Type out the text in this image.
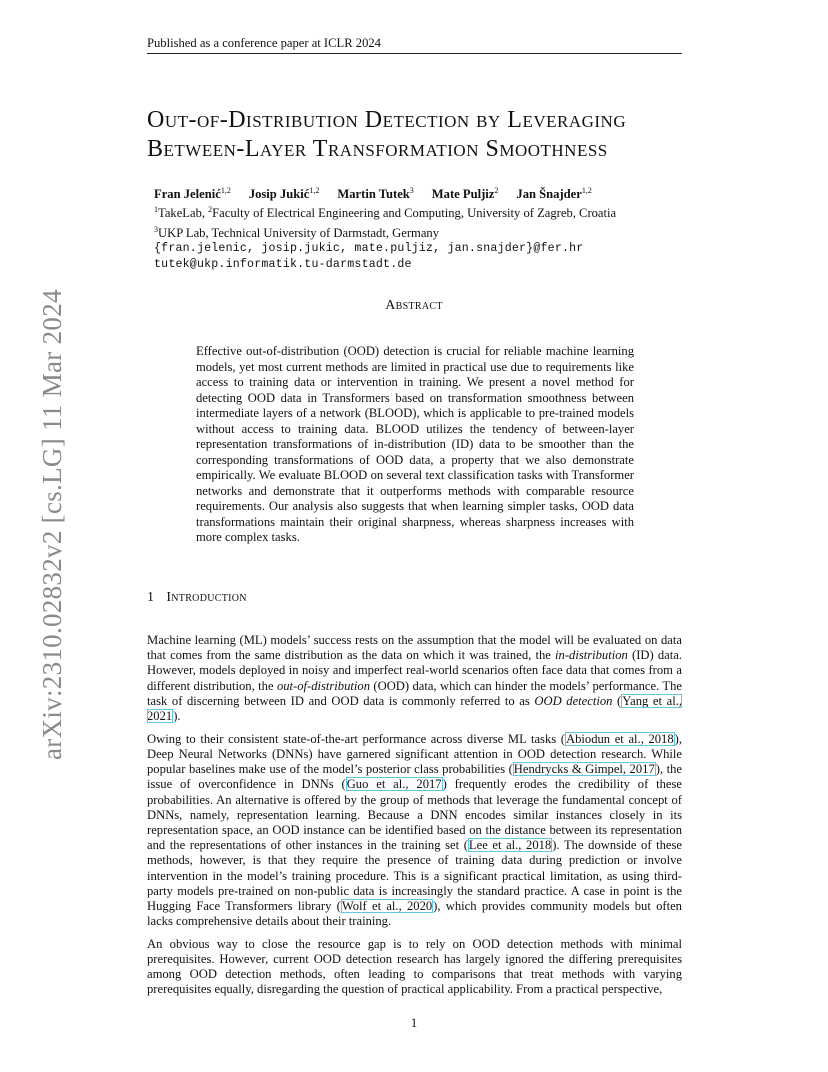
Published as a conference paper at ICLR 2024
arXiv:2310.02832v2 [cs.LG] 11 Mar 2024
Out-of-Distribution Detection by Leveraging
Between-Layer Transformation Smoothness
Fran Jelenić$^{1,2}$ Josip Jukić$^{1,2}$ Martin Tutek$^3$ Mate Puljiz$^2$ Jan Šnajder$^{1,2}$
$^1$TakeLab, $^2$Faculty of Electrical Engineering and Computing, University of Zagreb, Croatia
$^3$UKP Lab, Technical University of Darmstadt, Germany
{fran.jelenic, josip.jukic, mate.puljiz, jan.snajder}@fer.hr
tutek@ukp.informatik.tu-darmstadt.de
Abstract
Effective out-of-distribution (OOD) detection is crucial for reliable machine learning models, yet most current methods are limited in practical use due to requirements like access to training data or intervention in training. We present a novel method for detecting OOD data in Transformers based on transformation smoothness between intermediate layers of a network (BLOOD), which is applicable to pre-trained models without access to training data. BLOOD utilizes the tendency of between-layer representation transformations of in-distribution (ID) data to be smoother than the corresponding transformations of OOD data, a property that we also demonstrate empirically. We evaluate BLOOD on several text classification tasks with Transformer networks and demonstrate that it outperforms methods with comparable resource requirements. Our analysis also suggests that when learning simpler tasks, OOD data transformations maintain their original sharpness, whereas sharpness increases with more complex tasks.
1 Introduction

Machine learning (ML) models’ success rests on the assumption that the model will be evaluated on data that comes from the same distribution as the data on which it was trained, the in-distribution (ID) data. However, models deployed in noisy and imperfect real-world scenarios often face data that comes from a different distribution, the out-of-distribution (OOD) data, which can hinder the models’ performance. The task of discerning between ID and OOD data is commonly referred to as OOD detection (Yang et al., 2021).

Owing to their consistent state-of-the-art performance across diverse ML tasks (Abiodun et al., 2018), Deep Neural Networks (DNNs) have garnered significant attention in OOD detection research. While popular baselines make use of the model’s posterior class probabilities (Hendrycks & Gimpel, 2017), the issue of overconfidence in DNNs (Guo et al., 2017) frequently erodes the credibility of these probabilities. An alternative is offered by the group of methods that leverage the fundamental concept of DNNs, namely, representation learning. Because a DNN encodes similar instances closely in its representation space, an OOD instance can be identified based on the distance between its representation and the representations of other instances in the training set (Lee et al., 2018). The downside of these methods, however, is that they require the presence of training data during prediction or involve intervention in the model’s training procedure. This is a significant practical limitation, as using third-party models pre-trained on non-public data is increasingly the standard practice. A case in point is the Hugging Face Transformers library (Wolf et al., 2020), which provides community models but often lacks comprehensive details about their training.

An obvious way to close the resource gap is to rely on OOD detection methods with minimal prerequisites. However, current OOD detection research has largely ignored the differing prerequisites among OOD detection methods, often leading to comparisons that treat methods with varying prerequisites equally, disregarding the question of practical applicability. From a practical perspective,

1
